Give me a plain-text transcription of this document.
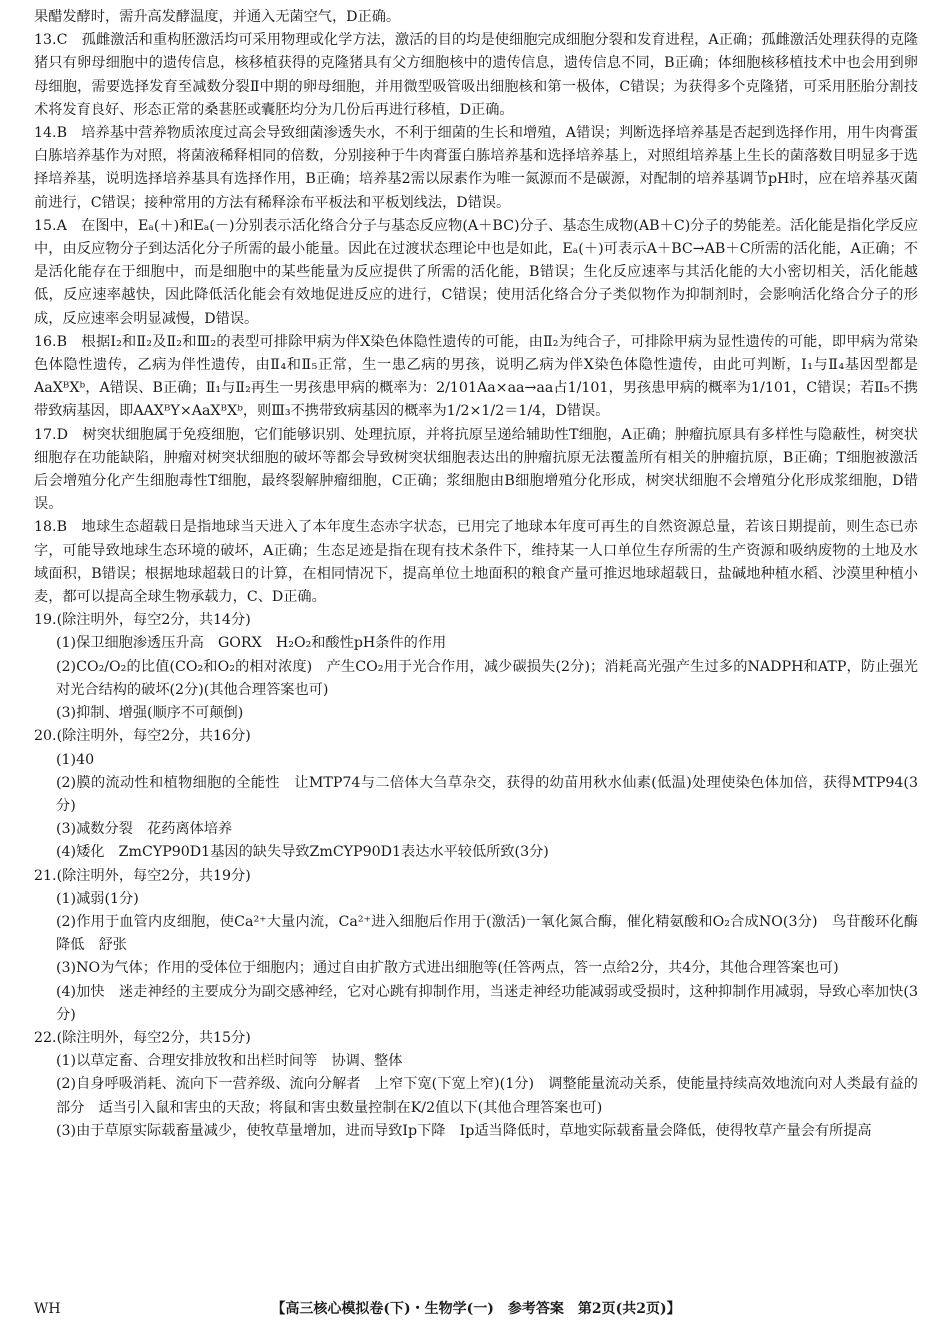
果醋发酵时，需升高发酵温度，并通入无菌空气，D正确。

13.C　孤雌激活和重构胚激活均可采用物理或化学方法，激活的目的均是使细胞完成细胞分裂和发育进程，A正确；孤雌激活处理获得的克隆猪只有卵母细胞中的遗传信息，核移植获得的克隆猪具有父方细胞核中的遗传信息，遗传信息不同，B正确；体细胞核移植技术中也会用到卵母细胞，需要选择发育至减数分裂Ⅱ中期的卵母细胞，并用微型吸管吸出细胞核和第一极体，C错误；为获得多个克隆猪，可采用胚胎分割技术将发育良好、形态正常的桑葚胚或囊胚均分为几份后再进行移植，D正确。

14.B　培养基中营养物质浓度过高会导致细菌渗透失水，不利于细菌的生长和增殖，A错误；判断选择培养基是否起到选择作用，用牛肉膏蛋白胨培养基作为对照，将菌液稀释相同的倍数，分别接种于牛肉膏蛋白胨培养基和选择培养基上，对照组培养基上生长的菌落数目明显多于选择培养基，说明选择培养基具有选择作用，B正确；培养基2需以尿素作为唯一氮源而不是碳源，对配制的培养基调节pH时，应在培养基灭菌前进行，C错误；接种常用的方法有稀释涂布平板法和平板划线法，D错误。

15.A　在图中，Eₐ(＋)和Eₐ(－)分别表示活化络合分子与基态反应物(A＋BC)分子、基态生成物(AB＋C)分子的势能差。活化能是指化学反应中，由反应物分子到达活化分子所需的最小能量。因此在过渡状态理论中也是如此，Eₐ(＋)可表示A＋BC→AB＋C所需的活化能，A正确；不是活化能存在于细胞中，而是细胞中的某些能量为反应提供了所需的活化能，B错误；生化反应速率与其活化能的大小密切相关，活化能越低，反应速率越快，因此降低活化能会有效地促进反应的进行，C错误；使用活化络合分子类似物作为抑制剂时，会影响活化络合分子的形成，反应速率会明显减慢，D错误。

16.B　根据Ⅰ₂和Ⅱ₂及Ⅱ₂和Ⅲ₂的表型可排除甲病为伴X染色体隐性遗传的可能，由Ⅱ₂为纯合子，可排除甲病为显性遗传的可能，即甲病为常染色体隐性遗传，乙病为伴性遗传，由Ⅱ₄和Ⅱ₅正常，生一患乙病的男孩，说明乙病为伴X染色体隐性遗传，由此可判断，Ⅰ₁与Ⅱ₄基因型都是AaXᴮXᵇ，A错误、B正确；Ⅱ₁与Ⅱ₂再生一男孩患甲病的概率为：2/101Aa×aa→aa占1/101，男孩患甲病的概率为1/101，C错误；若Ⅱ₅不携带致病基因，即AAXᴮY×AaXᴮXᵇ，则Ⅲ₃不携带致病基因的概率为1/2×1/2＝1/4，D错误。

17.D　树突状细胞属于免疫细胞，它们能够识别、处理抗原，并将抗原呈递给辅助性T细胞，A正确；肿瘤抗原具有多样性与隐蔽性，树突状细胞存在功能缺陷，肿瘤对树突状细胞的破坏等都会导致树突状细胞表达出的肿瘤抗原无法覆盖所有相关的肿瘤抗原，B正确；T细胞被激活后会增殖分化产生细胞毒性T细胞，最终裂解肿瘤细胞，C正确；浆细胞由B细胞增殖分化形成，树突状细胞不会增殖分化形成浆细胞，D错误。

18.B　地球生态超载日是指地球当天进入了本年度生态赤字状态，已用完了地球本年度可再生的自然资源总量，若该日期提前，则生态已赤字，可能导致地球生态环境的破坏，A正确；生态足迹是指在现有技术条件下，维持某一人口单位生存所需的生产资源和吸纳废物的土地及水域面积，B错误；根据地球超载日的计算，在相同情况下，提高单位土地面积的粮食产量可推迟地球超载日，盐碱地种植水稻、沙漠里种植小麦，都可以提高全球生物承载力，C、D正确。

19.(除注明外，每空2分，共14分)

(1)保卫细胞渗透压升高　GORX　H₂O₂和酸性pH条件的作用

(2)CO₂/O₂的比值(CO₂和O₂的相对浓度)　产生CO₂用于光合作用，减少碳损失(2分)；消耗高光强产生过多的NADPH和ATP，防止强光对光合结构的破坏(2分)(其他合理答案也可)

(3)抑制、增强(顺序不可颠倒)

20.(除注明外，每空2分，共16分)

(1)40

(2)膜的流动性和植物细胞的全能性　让MTP74与二倍体大刍草杂交，获得的幼苗用秋水仙素(低温)处理使染色体加倍，获得MTP94(3分)

(3)减数分裂　花药离体培养

(4)矮化　ZmCYP90D1基因的缺失导致ZmCYP90D1表达水平较低所致(3分)

21.(除注明外，每空2分，共19分)

(1)减弱(1分)

(2)作用于血管内皮细胞，使Ca²⁺大量内流，Ca²⁺进入细胞后作用于(激活)一氧化氮合酶，催化精氨酸和O₂合成NO(3分)　鸟苷酸环化酶　降低　舒张

(3)NO为气体；作用的受体位于细胞内；通过自由扩散方式进出细胞等(任答两点，答一点给2分，共4分，其他合理答案也可)

(4)加快　迷走神经的主要成分为副交感神经，它对心跳有抑制作用，当迷走神经功能减弱或受损时，这种抑制作用减弱，导致心率加快(3分)

22.(除注明外，每空2分，共15分)

(1)以草定畜、合理安排放牧和出栏时间等　协调、整体

(2)自身呼吸消耗、流向下一营养级、流向分解者　上窄下宽(下宽上窄)(1分)　调整能量流动关系，使能量持续高效地流向对人类最有益的部分　适当引入鼠和害虫的天敌；将鼠和害虫数量控制在K/2值以下(其他合理答案也可)

(3)由于草原实际载畜量减少，使牧草量增加，进而导致Ip下降　Ip适当降低时，草地实际载畜量会降低，使得牧草产量会有所提高

WH	【高三核心模拟卷(下)・生物学(一)　参考答案　第2页(共2页)】
